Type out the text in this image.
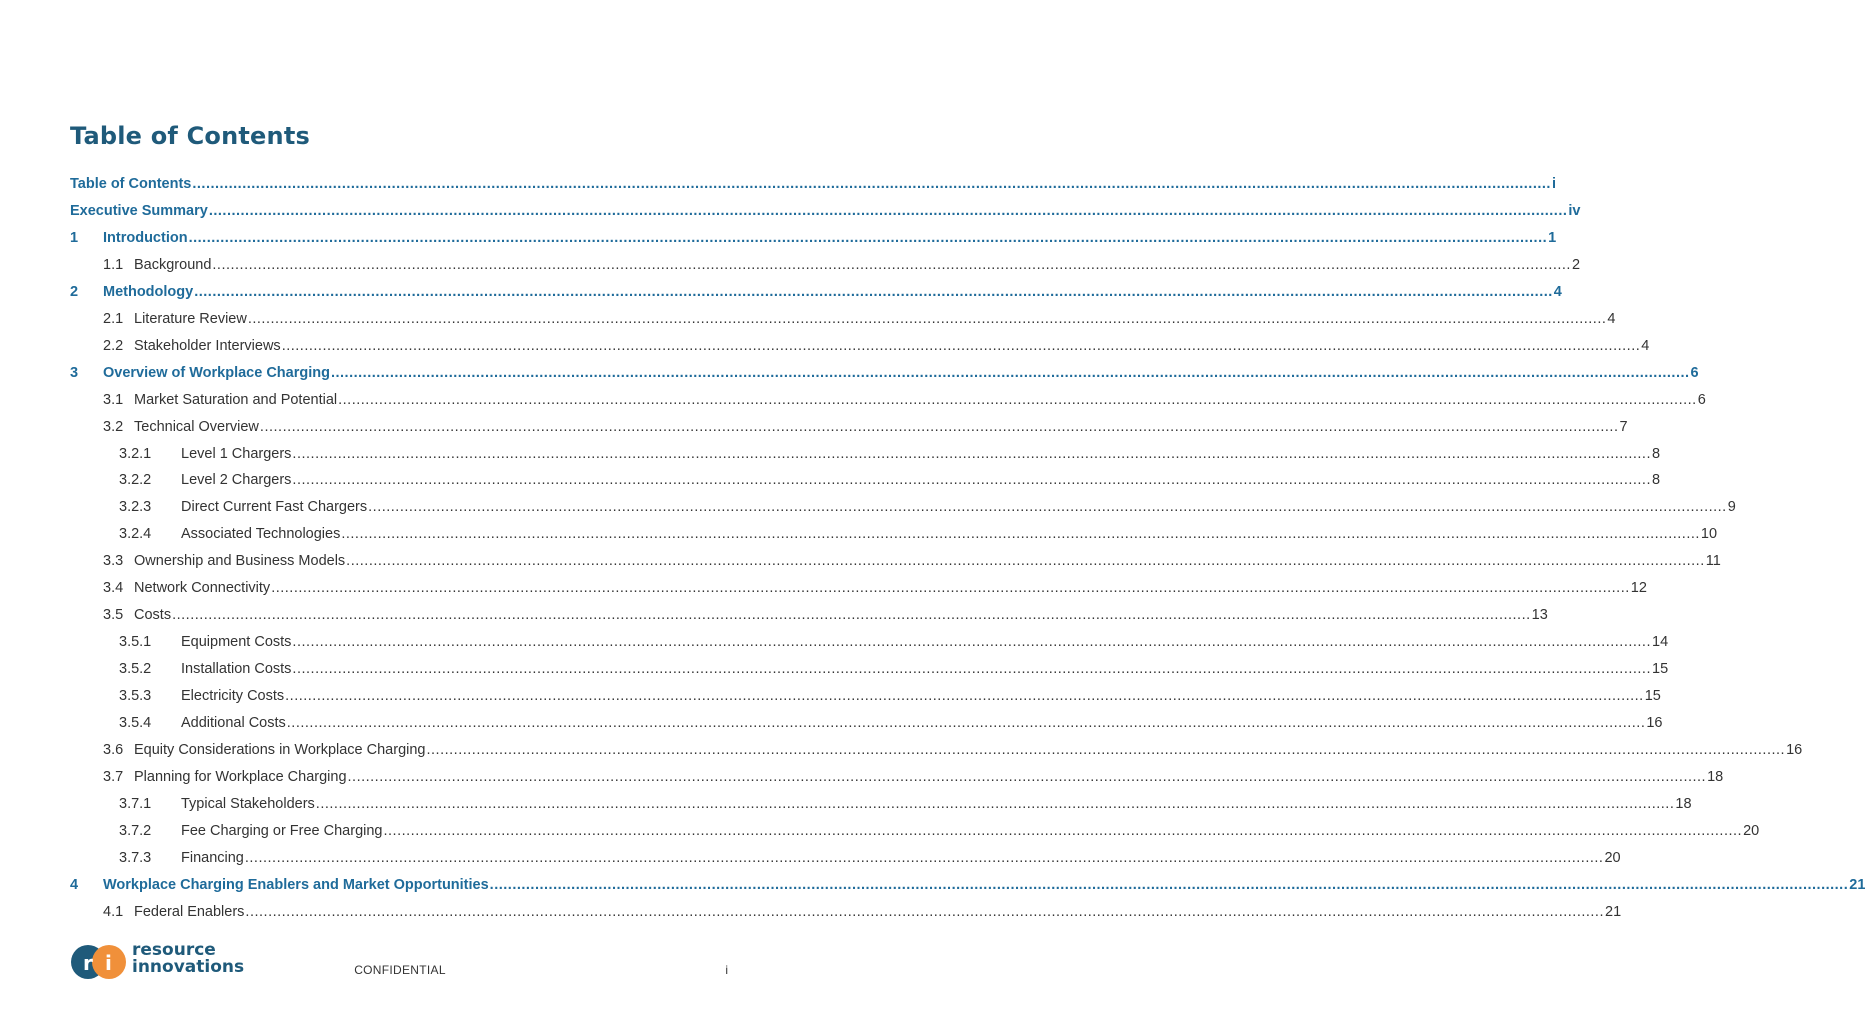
Table of Contents
Table of Contents ............................................................................................................................................................................................................................................................................................................ i
Executive Summary ............................................................................................................................................................................................................................................................................................................ iv
1 Introduction ............................................................................................................................................................................................................................................................................................................ 1
1.1 Background ............................................................................................................................................................................................................................................................................................................ 2
2 Methodology ............................................................................................................................................................................................................................................................................................................ 4
2.1 Literature Review ............................................................................................................................................................................................................................................................................................................ 4
2.2 Stakeholder Interviews ............................................................................................................................................................................................................................................................................................................ 4
3 Overview of Workplace Charging ............................................................................................................................................................................................................................................................................................................ 6
3.1 Market Saturation and Potential ............................................................................................................................................................................................................................................................................................................ 6
3.2 Technical Overview ............................................................................................................................................................................................................................................................................................................ 7
3.2.1 Level 1 Chargers ............................................................................................................................................................................................................................................................................................................ 8
3.2.2 Level 2 Chargers ............................................................................................................................................................................................................................................................................................................ 8
3.2.3 Direct Current Fast Chargers ............................................................................................................................................................................................................................................................................................................ 9
3.2.4 Associated Technologies ............................................................................................................................................................................................................................................................................................................ 10
3.3 Ownership and Business Models ............................................................................................................................................................................................................................................................................................................ 11
3.4 Network Connectivity ............................................................................................................................................................................................................................................................................................................ 12
3.5 Costs ............................................................................................................................................................................................................................................................................................................ 13
3.5.1 Equipment Costs ............................................................................................................................................................................................................................................................................................................ 14
3.5.2 Installation Costs ............................................................................................................................................................................................................................................................................................................ 15
3.5.3 Electricity Costs ............................................................................................................................................................................................................................................................................................................ 15
3.5.4 Additional Costs ............................................................................................................................................................................................................................................................................................................ 16
3.6 Equity Considerations in Workplace Charging ............................................................................................................................................................................................................................................................................................................ 16
3.7 Planning for Workplace Charging ............................................................................................................................................................................................................................................................................................................ 18
3.7.1 Typical Stakeholders ............................................................................................................................................................................................................................................................................................................ 18
3.7.2 Fee Charging or Free Charging ............................................................................................................................................................................................................................................................................................................ 20
3.7.3 Financing ............................................................................................................................................................................................................................................................................................................ 20
4 Workplace Charging Enablers and Market Opportunities ............................................................................................................................................................................................................................................................................................................ 21
4.1 Federal Enablers ............................................................................................................................................................................................................................................................................................................ 21
r i
resource
innovations	CONFIDENTIAL	i
